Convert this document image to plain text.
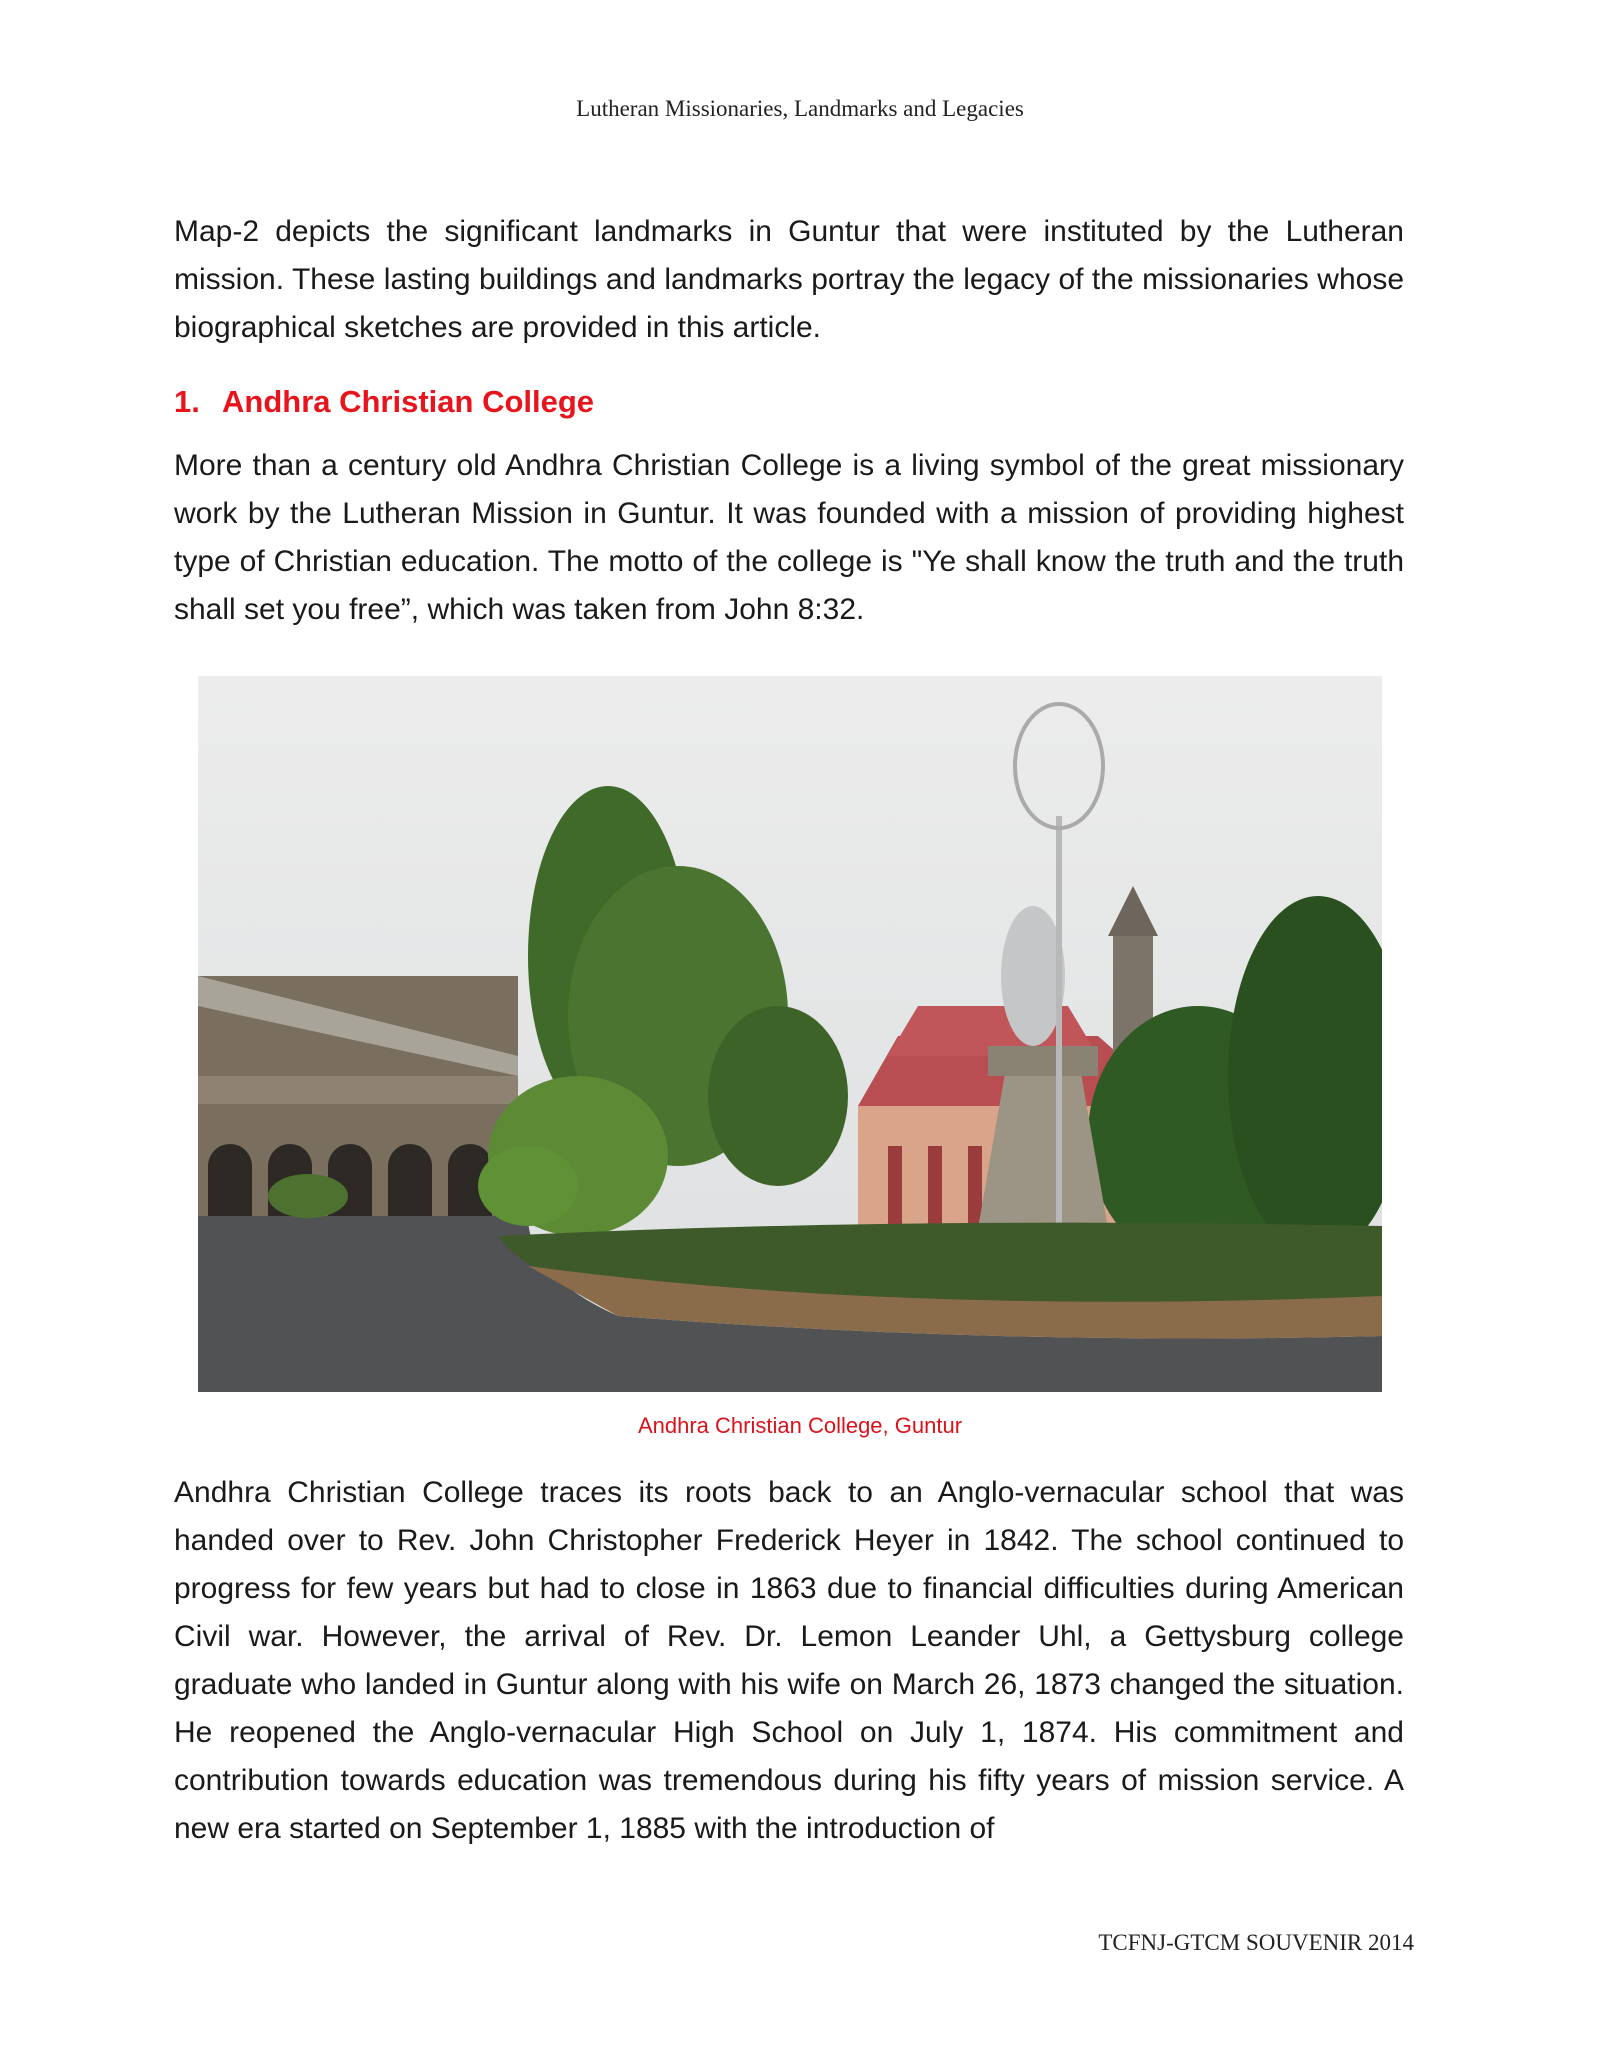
Lutheran Missionaries, Landmarks and Legacies

Map-2 depicts the significant landmarks in Guntur that were instituted by the Lutheran mission. These lasting buildings and landmarks portray the legacy of the missionaries whose biographical sketches are provided in this article.

1. Andhra Christian College

More than a century old Andhra Christian College is a living symbol of the great missionary work by the Lutheran Mission in Guntur. It was founded with a mission of providing highest type of Christian education. The motto of the college is "Ye shall know the truth and the truth shall set you free”, which was taken from John 8:32.

Andhra Christian College, Guntur

Andhra Christian College traces its roots back to an Anglo-vernacular school that was handed over to Rev. John Christopher Frederick Heyer in 1842. The school continued to progress for few years but had to close in 1863 due to financial difficulties during American Civil war. However, the arrival of Rev. Dr. Lemon Leander Uhl, a Gettysburg college graduate who landed in Guntur along with his wife on March 26, 1873 changed the situation. He reopened the Anglo-vernacular High School on July 1, 1874. His commitment and contribution towards education was tremendous during his fifty years of mission service. A new era started on September 1, 1885 with the introduction of

TCFNJ-GTCM SOUVENIR 2014
